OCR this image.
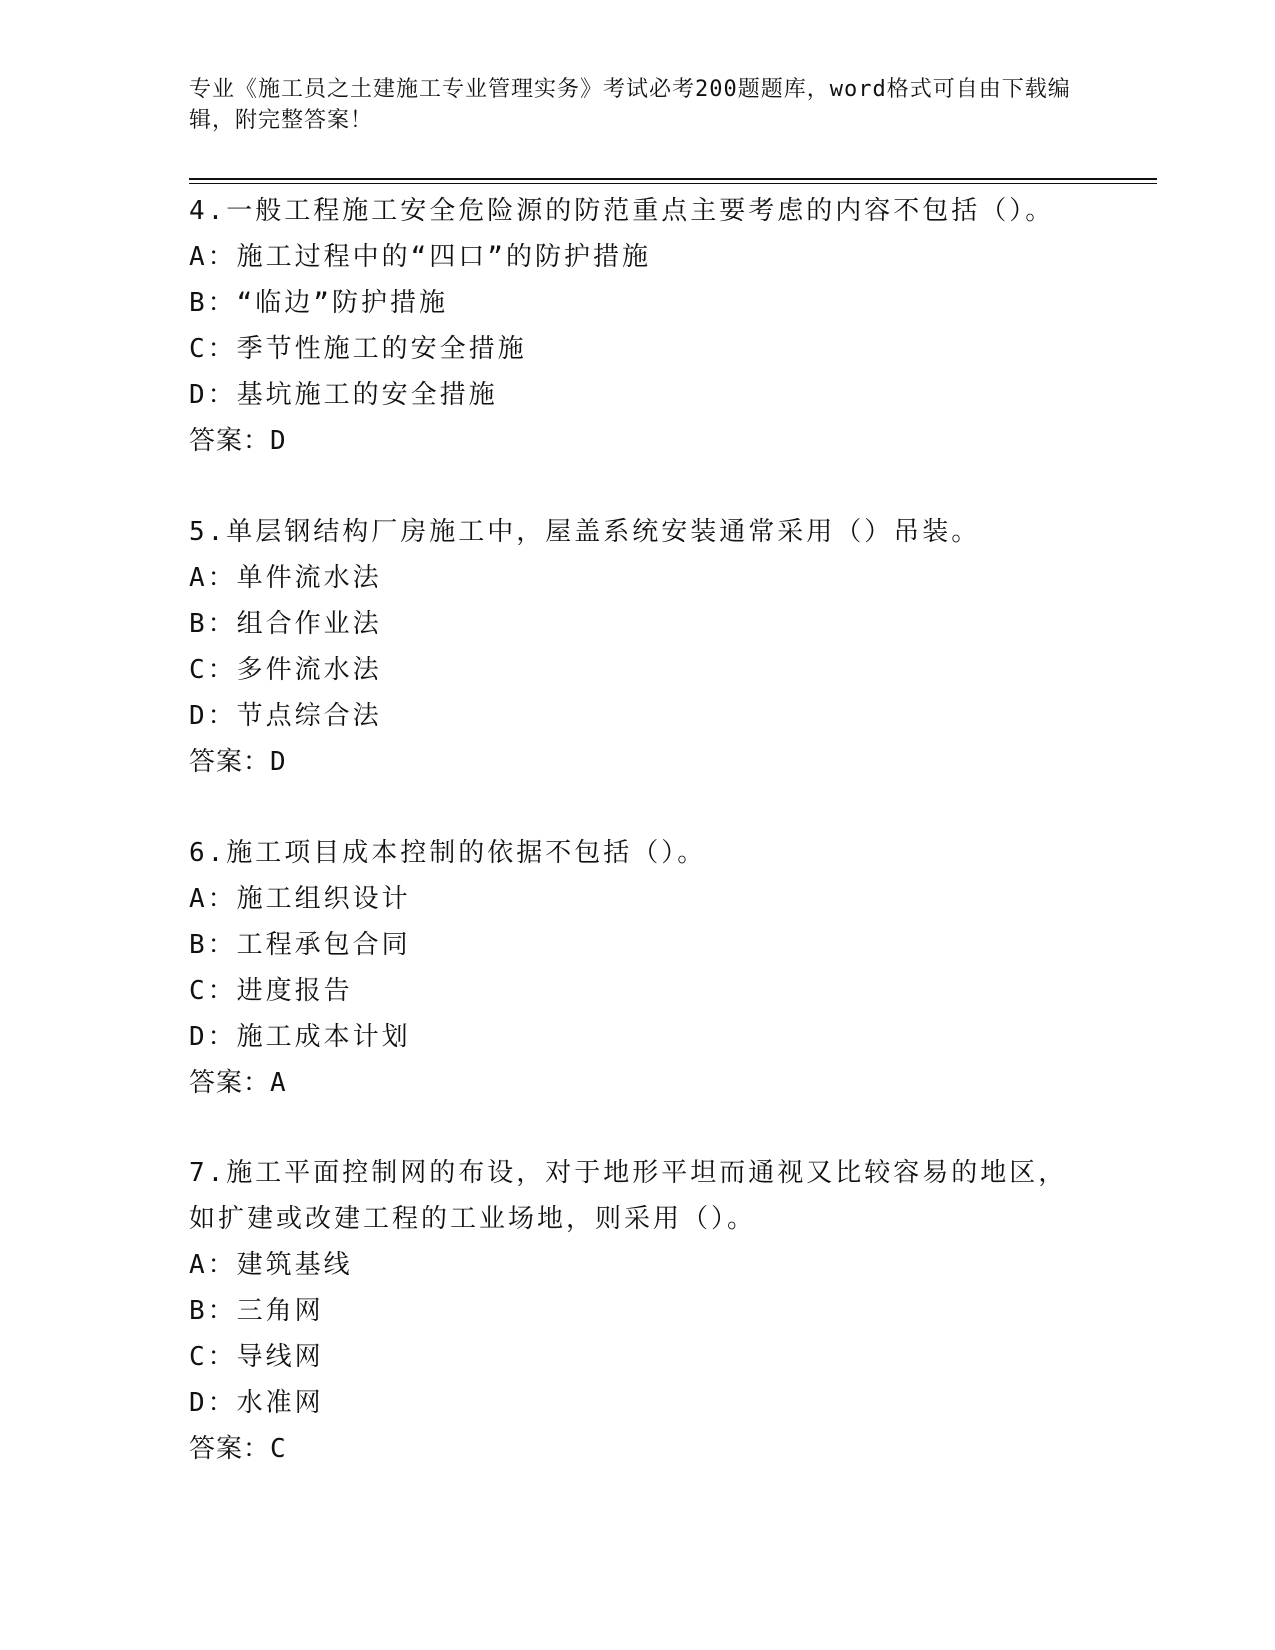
专业《施工员之土建施工专业管理实务》考试必考200题题库，word格式可自由下载编辑，附完整答案！

4.一般工程施工安全危险源的防范重点主要考虑的内容不包括（）。

A：施工过程中的“四口”的防护措施

B：“临边”防护措施

C：季节性施工的安全措施

D：基坑施工的安全措施

答案：D

5.单层钢结构厂房施工中，屋盖系统安装通常采用（）吊装。

A：单件流水法

B：组合作业法

C：多件流水法

D：节点综合法

答案：D

6.施工项目成本控制的依据不包括（）。

A：施工组织设计

B：工程承包合同

C：进度报告

D：施工成本计划

答案：A

7.施工平面控制网的布设，对于地形平坦而通视又比较容易的地区，如扩建或改建工程的工业场地，则采用（）。

A：建筑基线

B：三角网

C：导线网

D：水准网

答案：C
